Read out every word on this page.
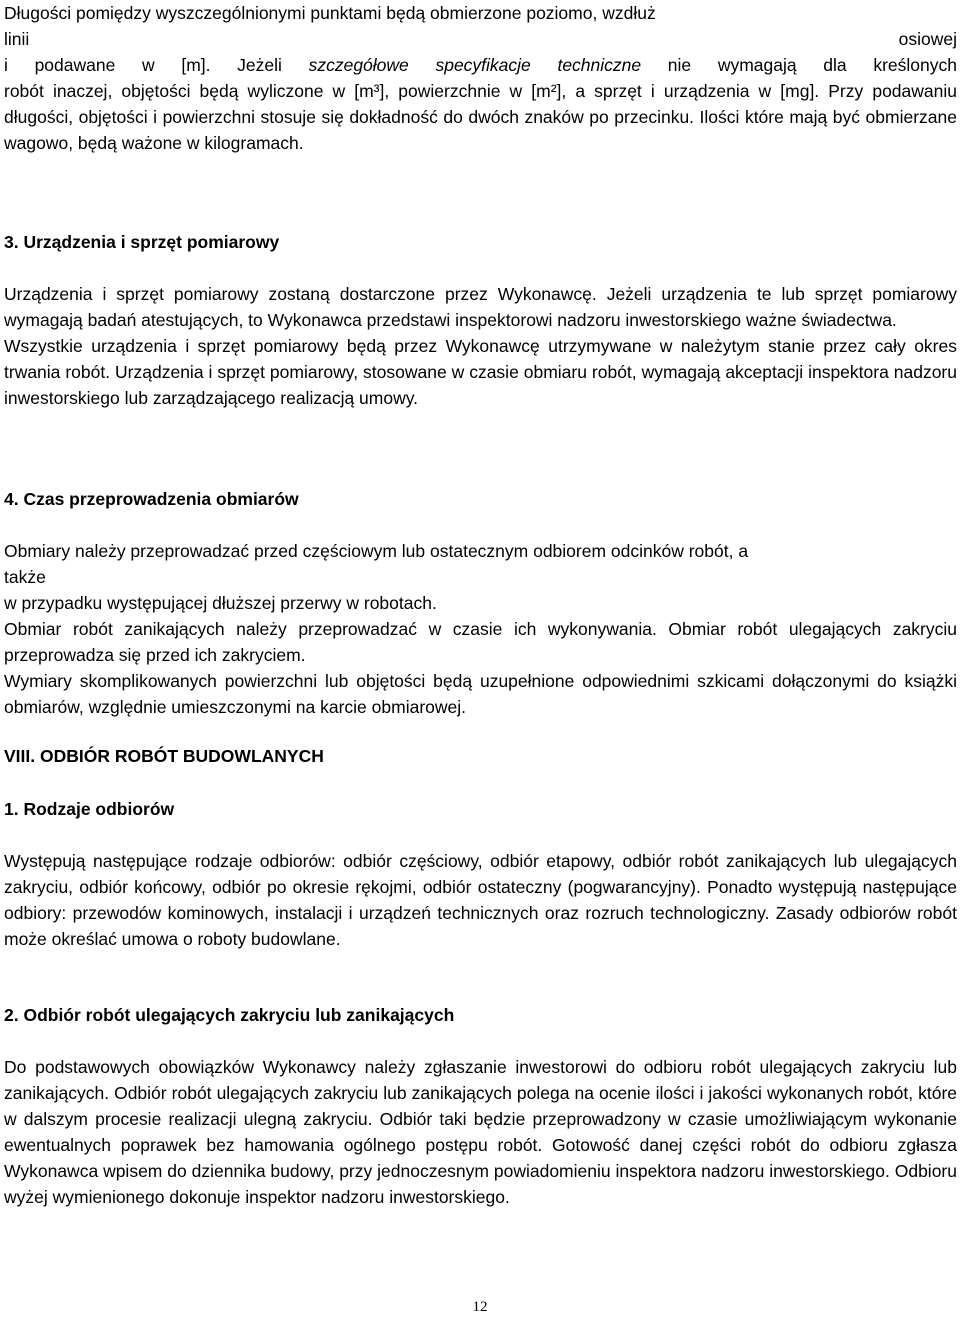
Długości pomiędzy wyszczególnionymi punktami będą obmierzone poziomo, wzdłuż
linii	osiowej
i podawane w [m]. Jeżeli szczegółowe specyfikacje techniczne nie wymagają dla kreślonych

robót inaczej, objętości będą wyliczone w [m³], powierzchnie w [m²], a sprzęt i urządzenia w [mg]. Przy podawaniu długości, objętości i powierzchni stosuje się dokładność do dwóch znaków po przecinku. Ilości które mają być obmierzane wagowo, będą ważone w kilogramach.

3. Urządzenia i sprzęt pomiarowy

Urządzenia i sprzęt pomiarowy zostaną dostarczone przez Wykonawcę. Jeżeli urządzenia te lub sprzęt pomiarowy wymagają badań atestujących, to Wykonawca przedstawi inspektorowi nadzoru inwestorskiego ważne świadectwa.

Wszystkie urządzenia i sprzęt pomiarowy będą przez Wykonawcę utrzymywane w należytym stanie przez cały okres trwania robót. Urządzenia i sprzęt pomiarowy, stosowane w czasie obmiaru robót, wymagają akceptacji inspektora nadzoru inwestorskiego lub zarządzającego realizacją umowy.

4. Czas przeprowadzenia obmiarów
Obmiary należy przeprowadzać przed częściowym lub ostatecznym odbiorem odcinków robót, a
także
w przypadku występującej dłuższej przerwy w robotach.

Obmiar robót zanikających należy przeprowadzać w czasie ich wykonywania. Obmiar robót ulegających zakryciu przeprowadza się przed ich zakryciem.

Wymiary skomplikowanych powierzchni lub objętości będą uzupełnione odpowiednimi szkicami dołączonymi do książki obmiarów, względnie umieszczonymi na karcie obmiarowej.

VIII. ODBIÓR ROBÓT BUDOWLANYCH
1. Rodzaje odbiorów

Występują następujące rodzaje odbiorów: odbiór częściowy, odbiór etapowy, odbiór robót zanikających lub ulegających zakryciu, odbiór końcowy, odbiór po okresie rękojmi, odbiór ostateczny (pogwarancyjny). Ponadto występują następujące odbiory: przewodów kominowych, instalacji i urządzeń technicznych oraz rozruch technologiczny. Zasady odbiorów robót może określać umowa o roboty budowlane.

2. Odbiór robót ulegających zakryciu lub zanikających

Do podstawowych obowiązków Wykonawcy należy zgłaszanie inwestorowi do odbioru robót ulegających zakryciu lub zanikających. Odbiór robót ulegających zakryciu lub zanikających polega na ocenie ilości i jakości wykonanych robót, które w dalszym procesie realizacji ulegną zakryciu. Odbiór taki będzie przeprowadzony w czasie umożliwiającym wykonanie ewentualnych poprawek bez hamowania ogólnego postępu robót. Gotowość danej części robót do odbioru zgłasza Wykonawca wpisem do dziennika budowy, przy jednoczesnym powiadomieniu inspektora nadzoru inwestorskiego. Odbioru wyżej wymienionego dokonuje inspektor nadzoru inwestorskiego.

12
